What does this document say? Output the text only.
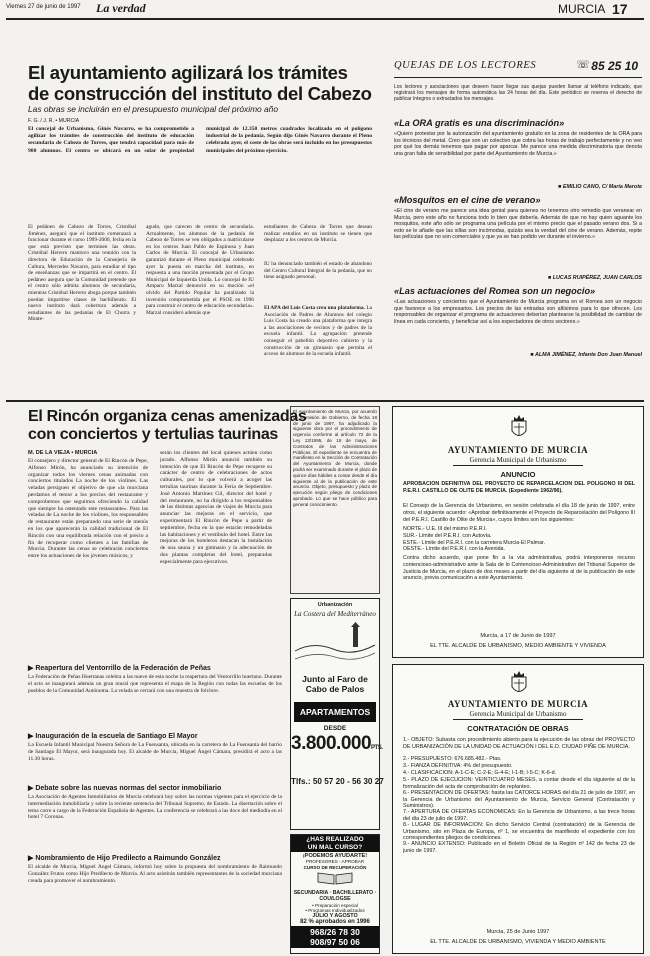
Viernes 27 de junio de 1997 La verdad	MURCIA 17
El ayuntamiento agilizará los trámites
de construcción del instituto del Cabezo
Las obras se incluirán en el presupuesto municipal del próximo año
F. G. / J. R. • MURCIA
El concejal de Urbanismo, Ginés Navarro, se ha comprometido a agilizar los trámites de construcción del instituto de educación secundaria de Cabezo de Torres, que tendrá capacidad para más de 900 alumnos. El centro se ubicará en un solar de propiedad municipal de 12.350 metros cuadrados localizado en el polígono industrial de la pedanía. Según dijo Ginés Navarro durante el Pleno celebrado ayer, el coste de las obras será incluido en los presupuestos municipales del próximo ejercicio.
El pedáneo de Cabezo de Torres, Cristóbal Jiménez, aseguró que el instituto comenzará a funcionar durante el curso 1999-2000, fecha en la que está previsto que terminen las obras. Cristóbal Herrero mantuvo una reunión con la directora de Educación de la Consejería de Cultura, Mercedes Navarro, para estudiar el tipo de enseñanzas que se impartirá en el centro. El pedáneo asegura que la Comunidad pretende que el centro sólo admita alumnos de secundaria, mientras Cristóbal Herrero aboga porque también puedan impartirse clases de bachillerato. El nuevo instituto dará cobertura además a estudiantes de las pedanías de El Churra y Monte-
agudo, que carecen de centro de secundaria. Actualmente, los alumnos de la pedanía de Cabezo de Torres se ven obligados a matricularse en los centros Juan Pablo de Espinosa y Juan Carlos de Murcia. El concejal de Urbanismo garantizó durante el Pleno municipal celebrado ayer la puesta en marcha del instituto, en respuesta a una moción presentada por el Grupo Municipal de Izquierda Unida. Lo concejal de IU Amparo Marzal denunció en su moción «el olvido del Partido Popular ha paralizado la inversión comprometida por el PSOE en 1996 para construir el centro de educación secundaria». Marzal consideró además que
estudiantes de Cabezo de Torres que desean realizar estudios en un instituto se tienen que desplazar a los centros de Murcia.
IU ha denunciado también el estado de abandono del Centro Cultural Integral de la pedanía, que no tiene asignado personal.
El APA del Luis Costa crea una plataforma. La Asociación de Padres de Alumnos del colegio Luis Costa ha creado una plataforma que integra a las asociaciones de vecinos y de padres de la escuela infantil. La agrupación pretende conseguir el pabellón deportivo cubierto y la construcción de un gimnasio que permita el acceso de alumnos de la escuela infantil.
QUEJAS DE LOS LECTORES	85 25 10
☏
Los lectores y asociaciones que deseen hacer llegar sus quejas pueden llamar al teléfono indicado, que registrará los mensajes de forma automática las 24 horas del día. Este periódico se reserva el derecho de publicar íntegros o extractados los mensajes.
«La ORA gratis es una discriminación»
«Quiero protestar por la autorización del ayuntamiento gratuito en la zona de residentes de la ORA para los técnicos del metal. Creo que son un colectivo que cobra las horas de trabajo perfectamente y no veo por qué los demás tenemos que pagar por aparcar. Me parece una medida discriminatoria que denota una gran falta de sensibilidad por parte del Ayuntamiento de Murcia.»
■ EMILIO CANO, C/ María Marote
«Mosquitos en el cine de verano»
«El cine de verano me parece una idea genial para quienes no tenemos otro remedio que veranear en Murcia, pero este año no funciona todo lo bien que debería. Además de que no hay quien aguante los mosquitos, este año sólo se programa una película por el mismo precio que el pasado verano dos. Si a esto se le añade que las sillas son incómodas, quizás sea la verdad del cine de verano. Además, repite las películas que no son comerciales y que ya se han podido ver durante el invierno.»
■ LUCAS RUIPÉREZ, JUAN CARLOS
«Las actuaciones del Romea son un negocio»
«Las actuaciones y conciertos que el Ayuntamiento de Murcia programa en el Romea son un negocio que favorece a los empresarios. Los precios de las entradas son altísimos para lo que ofrecen. Los responsables de organizar el programa de actuaciones deberían plantearse la posibilidad de cambiar de línea en cada concierto, y beneficiar así a los espectadores de otros sectores.»
■ ALMA JIMÉNEZ, Infante Don Juan Manuel
El Rincón organiza cenas amenizadas
con conciertos y tertulias taurinas
M. DE LA VIEJA • MURCIA
El consejero y director general de El Rincón de Pepe, Alfonso Mirón, ha anunciado su intención de organizar todos los viernes cenas animadas con conciertos titulados La noche de los violines. Las veladas persiguen el objetivo de que «la murciana perdamos el temor a los precios del restaurante y comprobemos que seguimos ofreciendo la calidad que siempre ha ostentado este restaurante». Para las veladas de La noche de los violines, los responsables de restaurante están preparando una serie de menús en los que aparecerán la calidad tradicional de El Rincón con una equilibrada relación con el precio a fin de recuperar como clientes a las familias de Murcia. Durante las cenas se celebrarán conciertos entre los actuaciones de los jóvenes músicos, y
serán los clientes del local quienes actúen como jurado. Alfonso Mirón anunció también su intención de que El Rincón de Pepe recupere su carácter de centro de celebraciones de actos culturales, por lo que volverá a acoger las tertulias taurinas durante la Feria de Septiembre. José Antonio Martínez Gil, director del hotel y del restaurante, no ha dirigido a los responsables de las distintas agencias de viajes de Murcia para anunciar las mejoras en el servicio, que experimentará El Rincón de Pepe a partir de septiembre, fecha en la que estarán remodeladas las habitaciones y el vestíbulo del hotel. Entre las mejoras de los hoteleros destacan la instalación de una sauna y un gimnasio y la adecuación de dos plantas completas del hotel, preparadas especialmente para ejecutivos.
▶ Reapertura del Ventorrillo de la Federación de Peñas
La Federación de Peñas Huertanas celebra a las nueve de esta noche la reapertura del Ventorrillo huertano. Durante el acto se inaugurará además un gran mural que representa el mapa de la Región con todas las escuelas de los pueblos de la Comunidad Autónoma. La velada se cerrará con una muestra de folclore.
▶ Inauguración de la escuela de Santiago El Mayor
La Escuela Infantil Municipal Nuestra Señora de La Fuensanta, ubicada en la carretera de La Fuensanta del barrio de Santiago El Mayor, será inaugurada hoy. El alcalde de Murcia, Miguel Ángel Cámara, presidirá el acto a las 11.30 horas.
▶ Debate sobre las nuevas normas del sector inmobiliario
La Asociación de Agentes Inmobiliarios de Murcia celebrará hoy sobre las normas vigentes para el ejercicio de la intermediación inmobiliaria y sobre la reciente sentencia del Tribunal Supremo, de Estado. La disertación sobre el tema corre a cargo de la Federación Española de Agentes. La conferencia se celebrará a las doce del mediodía en el hotel 7 Coronas.
▶ Nombramiento de Hijo Predilecto a Raimundo González
El alcalde de Murcia, Miguel Ángel Cámara, informó hoy sobre la propuesta del nombramiento de Raimundo González Frutos como Hijo Predilecto de Murcia. Al acto asistirán también representantes de la sociedad murciana creada para promover el nombramiento.
El Ayuntamiento de Murcia, por acuerdo de Comisión de Gobierno, de fecha 18 de junio de 1997, ha adjudicado la siguiente obra por el procedimiento de urgencia conforme al artículo 72 de la Ley 13/1995, de 18 de mayo, de Contratos de las Administraciones Públicas. El expediente se encuentra de manifiesto en la Sección de Contratación del Ayuntamiento de Murcia, donde podrá ser examinado durante el plazo de quince días hábiles a contar desde el día siguiente al de la publicación de este anuncio. Objeto, presupuesto y plazo de ejecución según pliego de condiciones aprobado. Lo que se hace público para general conocimiento.
Urbanización
La Costera del Mediterráneo
Junto al Faro de
Cabo de Palos
APARTAMENTOS
DESDE
3.800.000PTS.
Tlfs.: 50 57 20 - 56 30 27
¿HAS REALIZADO
UN MAL CURSO?
¡PODEMOS AYUDARTE!
PROFESORES - APROBAR
CURSO DE RECUPERACIÓN
SECUNDARIA · BACHILLERATO · COU/LOGSE
• Preparación especial
• Programas Individualizados
JULIO Y AGOSTO
82 % aprobados en 1996
968/26 78 30
908/97 50 06
AYUNTAMIENTO DE MURCIA
Gerencia Municipal de Urbanismo
ANUNCIO
APROBACIÓN DEFINITIVA DEL PROYECTO DE REPARCELACIÓN DEL POLÍGONO III DEL P.E.R.I. CASTILLO DE OLITE DE MURCIA. (Expediente 1962/96).
El Consejo de la Gerencia de Urbanismo, en sesión celebrada el día 18 de junio de 1997, entre otros, el siguiente acuerdo: «Aprobar definitivamente el Proyecto de Reparcelación del Polígono III del P.E.R.I. Castillo de Olite de Murcia», cuyos límites son los siguientes:
NORTE.- U.E. III del mismo P.E.R.I.
SUR.- Límite del P.E.R.I. con Autovía.
ESTE.- Límite del P.E.R.I. con la carretera Murcia-El Palmar.
OESTE.- Límite del P.E.R.I. con la Avenida.
Contra dicho acuerdo, que pone fin a la vía administrativa, podrá interponerse recurso contencioso-administrativo ante la Sala de lo Contencioso-Administrativo del Tribunal Superior de Justicia de Murcia, en el plazo de dos meses a partir del día siguiente al de la publicación de este anuncio, previa comunicación a este Ayuntamiento.
Murcia, a 17 de Junio de 1997
EL TTE. ALCALDE DE URBANISMO, MEDIO AMBIENTE Y VIVIENDA
AYUNTAMIENTO DE MURCIA
Gerencia Municipal de Urbanismo
CONTRATACIÓN DE OBRAS
1.- OBJETO: Subasta con procedimiento abierto para la ejecución de las obras del PROYECTO DE URBANIZACIÓN DE LA UNIDAD DE ACTUACIÓN I DEL E.D. CIUDAD PIÑE DE MURCIA.
2.- PRESUPUESTO: 676.685.482.- Ptas.
3.- FIANZA DEFINITIVA: 4% del presupuesto.
4.- CLASIFICACIÓN: A-1-C-E; C-2-E; G-4-E; I-1-B; I-5-C; K-6-d.
5.- PLAZO DE EJECUCIÓN: VEINTICUATRO MESES, a contar desde el día siguiente al de la formalización del acta de comprobación de replanteo.
6.- PRESENTACIÓN DE OFERTAS: hasta las CATORCE HORAS del día 21 de julio de 1997, en la Gerencia de Urbanismo del Ayuntamiento de Murcia, Servicio General (Contratación y Suministros).
7.- APERTURA DE OFERTAS ECONÓMICAS: En la Gerencia de Urbanismo, a las trece horas del día 23 de julio de 1997.
8.- LUGAR DE INFORMACIÓN: En dicho Servicio Central (contratación) de la Gerencia de Urbanismo, sito en Plaza de Europa, nº 1, se encuentra de manifiesto el expediente con los correspondientes pliegos de condiciones.
9.- ANUNCIO EXTENSO: Publicado en el Boletín Oficial de la Región nº 142 de fecha 23 de junio de 1997.
Murcia, 25 de Junio 1997
EL TTE. ALCALDE DE URBANISMO, VIVIENDA Y MEDIO AMBIENTE
